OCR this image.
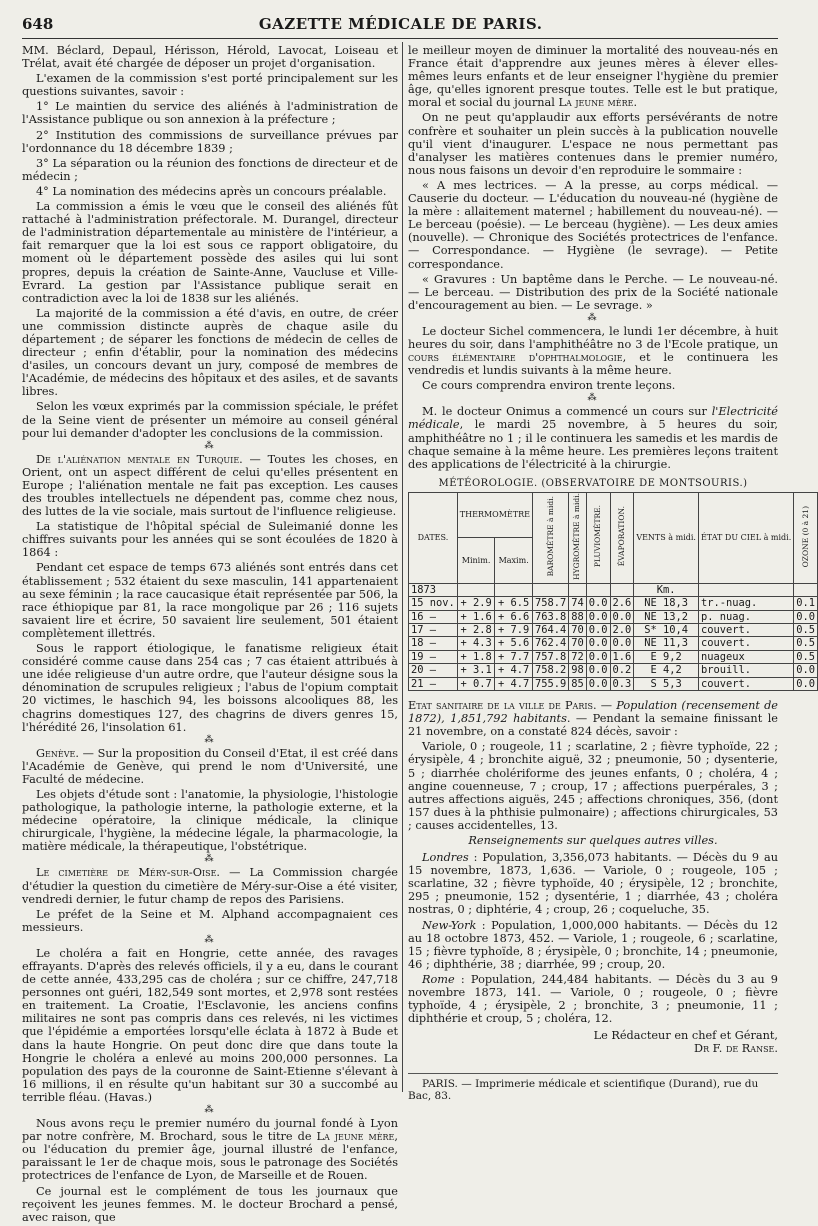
648	GAZETTE MÉDICALE DE PARIS.

MM. Béclard, Depaul, Hérisson, Hérold, Lavocat, Loiseau et Trélat, avait été chargée de déposer un projet d'organisation.

L'examen de la commission s'est porté principalement sur les questions suivantes, savoir :

1° Le maintien du service des aliénés à l'administration de l'Assistance publique ou son annexion à la préfecture ;

2° Institution des commissions de surveillance prévues par l'ordonnance du 18 décembre 1839 ;

3° La séparation ou la réunion des fonctions de directeur et de médecin ;

4° La nomination des médecins après un concours préalable.

La commission a émis le vœu que le conseil des aliénés fût rattaché à l'administration préfectorale. M. Durangel, directeur de l'administration départementale au ministère de l'intérieur, a fait remarquer que la loi est sous ce rapport obligatoire, du moment où le département possède des asiles qui lui sont propres, depuis la création de Sainte-Anne, Vaucluse et Ville-Evrard. La gestion par l'Assistance publique serait en contradiction avec la loi de 1838 sur les aliénés.

La majorité de la commission a été d'avis, en outre, de créer une commission distincte auprès de chaque asile du département ; de séparer les fonctions de médecin de celles de directeur ; enfin d'établir, pour la nomination des médecins d'asiles, un concours devant un jury, composé de membres de l'Académie, de médecins des hôpitaux et des asiles, et de savants libres.

Selon les vœux exprimés par la commission spéciale, le préfet de la Seine vient de présenter un mémoire au conseil général pour lui demander d'adopter les conclusions de la commission.

⁂

De l'aliénation mentale en Turquie. — Toutes les choses, en Orient, ont un aspect différent de celui qu'elles présentent en Europe ; l'aliénation mentale ne fait pas exception. Les causes des troubles intellectuels ne dépendent pas, comme chez nous, des luttes de la vie sociale, mais surtout de l'influence religieuse.

La statistique de l'hôpital spécial de Suleimanié donne les chiffres suivants pour les années qui se sont écoulées de 1820 à 1864 :

Pendant cet espace de temps 673 aliénés sont entrés dans cet établissement ; 532 étaient du sexe masculin, 141 appartenaient au sexe féminin ; la race caucasique était représentée par 506, la race éthiopique par 81, la race mongolique par 26 ; 116 sujets savaient lire et écrire, 50 savaient lire seulement, 501 étaient complètement illettrés.

Sous le rapport étiologique, le fanatisme religieux était considéré comme cause dans 254 cas ; 7 cas étaient attribués à une idée religieuse d'un autre ordre, que l'auteur désigne sous la dénomination de scrupules religieux ; l'abus de l'opium comptait 20 victimes, le haschich 94, les boissons alcooliques 88, les chagrins domestiques 127, des chagrins de divers genres 15, l'hérédité 26, l'insolation 61.

⁂

Genève. — Sur la proposition du Conseil d'Etat, il est créé dans l'Académie de Genève, qui prend le nom d'Université, une Faculté de médecine.

Les objets d'étude sont : l'anatomie, la physiologie, l'histologie pathologique, la pathologie interne, la pathologie externe, et la médecine opératoire, la clinique médicale, la clinique chirurgicale, l'hygiène, la médecine légale, la pharmacologie, la matière médicale, la thérapeutique, l'obstétrique.

⁂

Le cimetière de Méry-sur-Oise. — La Commission chargée d'étudier la question du cimetière de Méry-sur-Oise a été visiter, vendredi dernier, le futur champ de repos des Parisiens.

Le préfet de la Seine et M. Alphand accompagnaient ces messieurs.

⁂

Le choléra a fait en Hongrie, cette année, des ravages effrayants. D'après des relevés officiels, il y a eu, dans le courant de cette année, 433,295 cas de choléra ; sur ce chiffre, 247,718 personnes ont guéri, 182,549 sont mortes, et 2,978 sont restées en traitement. La Croatie, l'Esclavonie, les anciens confins militaires ne sont pas compris dans ces relevés, ni les victimes que l'épidémie a emportées lorsqu'elle éclata à 1872 à Bude et dans la haute Hongrie. On peut donc dire que dans toute la Hongrie le choléra a enlevé au moins 200,000 personnes. La population des pays de la couronne de Saint-Etienne s'élevant à 16 millions, il en résulte qu'un habitant sur 30 a succombé au terrible fléau. (Havas.)

⁂

Nous avons reçu le premier numéro du journal fondé à Lyon par notre confrère, M. Brochard, sous le titre de La jeune mère, ou l'éducation du premier âge, journal illustré de l'enfance, paraissant le 1er de chaque mois, sous le patronage des Sociétés protectrices de l'enfance de Lyon, de Marseille et de Rouen.

Ce journal est le complément de tous les journaux que reçoivent les jeunes femmes. M. le docteur Brochard a pensé, avec raison, que

le meilleur moyen de diminuer la mortalité des nouveau-nés en France était d'apprendre aux jeunes mères à élever elles-mêmes leurs enfants et de leur enseigner l'hygiène du premier âge, qu'elles ignorent presque toutes. Telle est le but pratique, moral et social du journal La jeune mère.

On ne peut qu'applaudir aux efforts persévérants de notre confrère et souhaiter un plein succès à la publication nouvelle qu'il vient d'inaugurer. L'espace ne nous permettant pas d'analyser les matières contenues dans le premier numéro, nous nous faisons un devoir d'en reproduire le sommaire :

« A mes lectrices. — A la presse, au corps médical. — Causerie du docteur. — L'éducation du nouveau-né (hygiène de la mère : allaitement maternel ; habillement du nouveau-né). — Le berceau (poésie). — Le berceau (hygiène). — Les deux amies (nouvelle). — Chronique des Sociétés protectrices de l'enfance. — Correspondance. — Hygiène (le sevrage). — Petite correspondance.

« Gravures : Un baptême dans le Perche. — Le nouveau-né. — Le berceau. — Distribution des prix de la Société nationale d'encouragement au bien. — Le sevrage. »

⁂

Le docteur Sichel commencera, le lundi 1er décembre, à huit heures du soir, dans l'amphithéâtre no 3 de l'Ecole pratique, un cours élémentaire d'ophthalmologie, et le continuera les vendredis et lundis suivants à la même heure.

Ce cours comprendra environ trente leçons.

⁂

M. le docteur Onimus a commencé un cours sur l'Electricité médicale, le mardi 25 novembre, à 5 heures du soir, amphithéâtre no 1 ; il le continuera les samedis et les mardis de chaque semaine à la même heure. Les premières leçons traitent des applications de l'électricité à la chirurgie.

MÉTÉOROLOGIE. (OBSERVATOIRE DE MONTSOURIS.)
DATES.	THERMOMÈTRE		BAROMÈTRE à midi.	HYGROMÈTRE à midi.	PLUVIOMÈTRE.	ÉVAPORATION.	VENTS à midi.	ÉTAT DU CIEL à midi.	OZONE (0 à 21)
	Minim.	Maxim.							
1873							Km.		
15 nov.	+ 2.9	+ 6.5	758.7	74	0.0	2.6	NE 18,3	tr.-nuag.	0.1
16 —	+ 1.6	+ 6.6	763.8	88	0.0	0.0	NE 13,2	p. nuag.	0.0
17 —	+ 2.8	+ 7.9	764.4	70	0.0	2.0	S* 10,4	couvert.	0.5
18 —	+ 4.3	+ 5.6	762.4	70	0.0	0.0	NE 11,3	couvert.	0.5
19 —	+ 1.8	+ 7.7	757.8	72	0.0	1.6	E 9,2	nuageux	0.5
20 —	+ 3.1	+ 4.7	758.2	98	0.0	0.2	E 4,2	brouill.	0.0
21 —	+ 0.7	+ 4.7	755.9	85	0.0	0.3	S 5,3	couvert.	0.0

Etat sanitaire de la ville de Paris. — Population (recensement de 1872), 1,851,792 habitants. — Pendant la semaine finissant le 21 novembre, on a constaté 824 décès, savoir :

Variole, 0 ; rougeole, 11 ; scarlatine, 2 ; fièvre typhoïde, 22 ; érysipèle, 4 ; bronchite aiguë, 32 ; pneumonie, 50 ; dysenterie, 5 ; diarrhée cholériforme des jeunes enfants, 0 ; choléra, 4 ; angine couenneuse, 7 ; croup, 17 ; affections puerpérales, 3 ; autres affections aiguës, 245 ; affections chroniques, 356, (dont 157 dues à la phthisie pulmonaire) ; affections chirurgicales, 53 ; causes accidentelles, 13.

Renseignements sur quelques autres villes.

Londres : Population, 3,356,073 habitants. — Décès du 9 au 15 novembre, 1873, 1,636. — Variole, 0 ; rougeole, 105 ; scarlatine, 32 ; fièvre typhoïde, 40 ; érysipèle, 12 ; bronchite, 295 ; pneumonie, 152 ; dysentérie, 1 ; diarrhée, 43 ; choléra nostras, 0 ; diphtérie, 4 ; croup, 26 ; coqueluche, 35.

New-York : Population, 1,000,000 habitants. — Décès du 12 au 18 octobre 1873, 452. — Variole, 1 ; rougeole, 6 ; scarlatine, 15 ; fièvre typhoïde, 8 ; érysipèle, 0 ; bronchite, 14 ; pneumonie, 46 ; diphthérie, 38 ; diarrhée, 99 ; croup, 20.

Rome : Population, 244,484 habitants. — Décès du 3 au 9 novembre 1873, 141. — Variole, 0 ; rougeole, 0 ; fièvre typhoïde, 4 ; érysipèle, 2 ; bronchite, 3 ; pneumonie, 11 ; diphthérie et croup, 5 ; choléra, 12.

Le Rédacteur en chef et Gérant,
Dr F. de Ranse.
PARIS. — Imprimerie médicale et scientifique (Durand), rue du Bac, 83.
